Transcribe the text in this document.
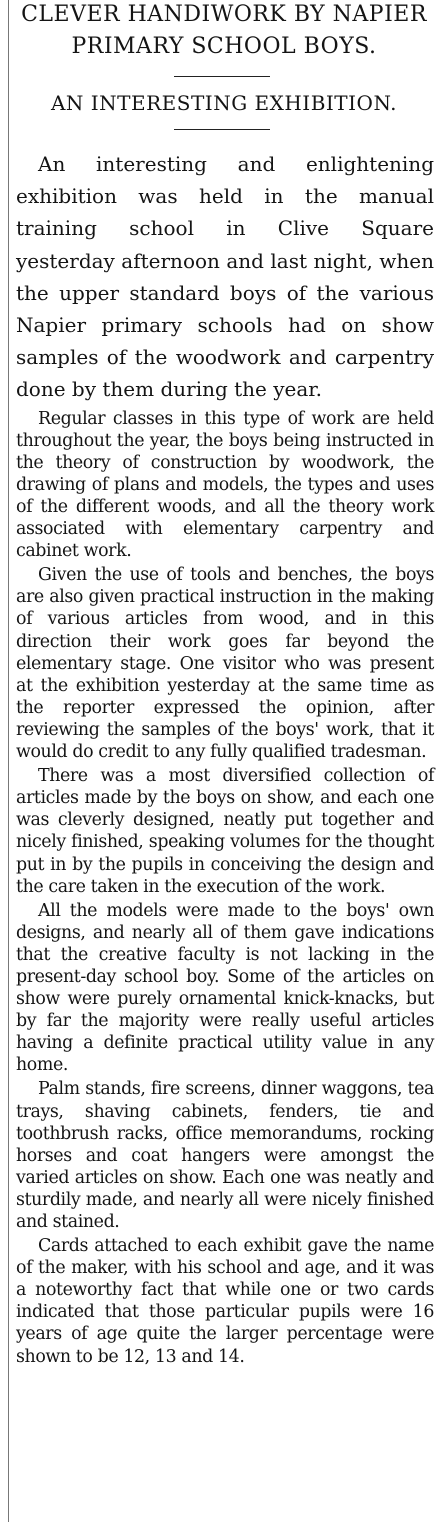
CLEVER HANDIWORK BY NAPIER
PRIMARY SCHOOL BOYS.
AN INTERESTING EXHIBITION.

An interesting and enlightening exhibition was held in the manual training school in Clive Square yesterday afternoon and last night, when the upper standard boys of the various Napier primary schools had on show samples of the woodwork and carpentry done by them during the year.

Regular classes in this type of work are held throughout the year, the boys being instructed in the theory of construction by woodwork, the drawing of plans and models, the types and uses of the different woods, and all the theory work associated with elementary carpentry and cabinet work.

Given the use of tools and benches, the boys are also given practical instruction in the making of various articles from wood, and in this direction their work goes far beyond the elementary stage. One visitor who was present at the exhibition yesterday at the same time as the reporter expressed the opinion, after reviewing the samples of the boys' work, that it would do credit to any fully qualified tradesman.

There was a most diversified collection of articles made by the boys on show, and each one was cleverly designed, neatly put together and nicely finished, speaking volumes for the thought put in by the pupils in conceiving the design and the care taken in the execution of the work.

All the models were made to the boys' own designs, and nearly all of them gave indications that the creative faculty is not lacking in the present-day school boy. Some of the articles on show were purely ornamental knick-knacks, but by far the majority were really useful articles having a definite practical utility value in any home.

Palm stands, fire screens, dinner waggons, tea trays, shaving cabinets, fenders, tie and toothbrush racks, office memorandums, rocking horses and coat hangers were amongst the varied articles on show. Each one was neatly and sturdily made, and nearly all were nicely finished and stained.

Cards attached to each exhibit gave the name of the maker, with his school and age, and it was a noteworthy fact that while one or two cards indicated that those particular pupils were 16 years of age quite the larger percentage were shown to be 12, 13 and 14.
